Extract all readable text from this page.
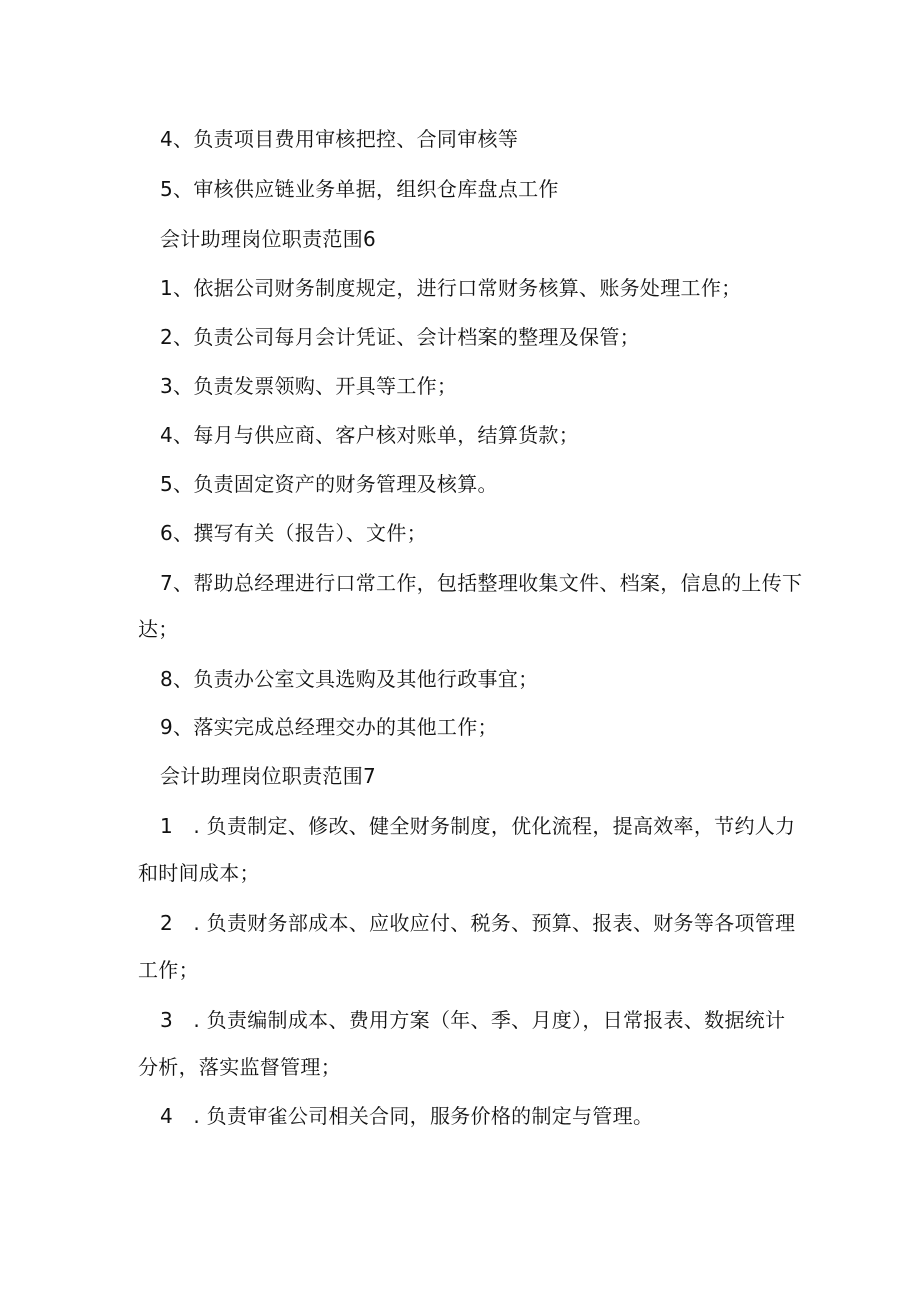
4、负责项目费用审核把控、合同审核等
5、审核供应链业务单据，组织仓库盘点工作
会计助理岗位职责范围6
1、依据公司财务制度规定，进行口常财务核算、账务处理工作；
2、负责公司每月会计凭证、会计档案的整理及保管；
3、负责发票领购、开具等工作；
4、每月与供应商、客户核对账单，结算货款；
5、负责固定资产的财务管理及核算。
6、撰写有关（报告）、文件；
7、帮助总经理进行口常工作，包括整理收集文件、档案，信息的上传下
达；
8、负责办公室文具选购及其他行政事宜；
9、落实完成总经理交办的其他工作；
会计助理岗位职责范围7
1　. 负责制定、修改、健全财务制度，优化流程，提高效率，节约人力
和时间成本；
2　. 负责财务部成本、应收应付、税务、预算、报表、财务等各项管理
工作；
3　. 负责编制成本、费用方案（年、季、月度），日常报表、数据统计
分析，落实监督管理；
4　. 负责审雀公司相关合同，服务价格的制定与管理。
